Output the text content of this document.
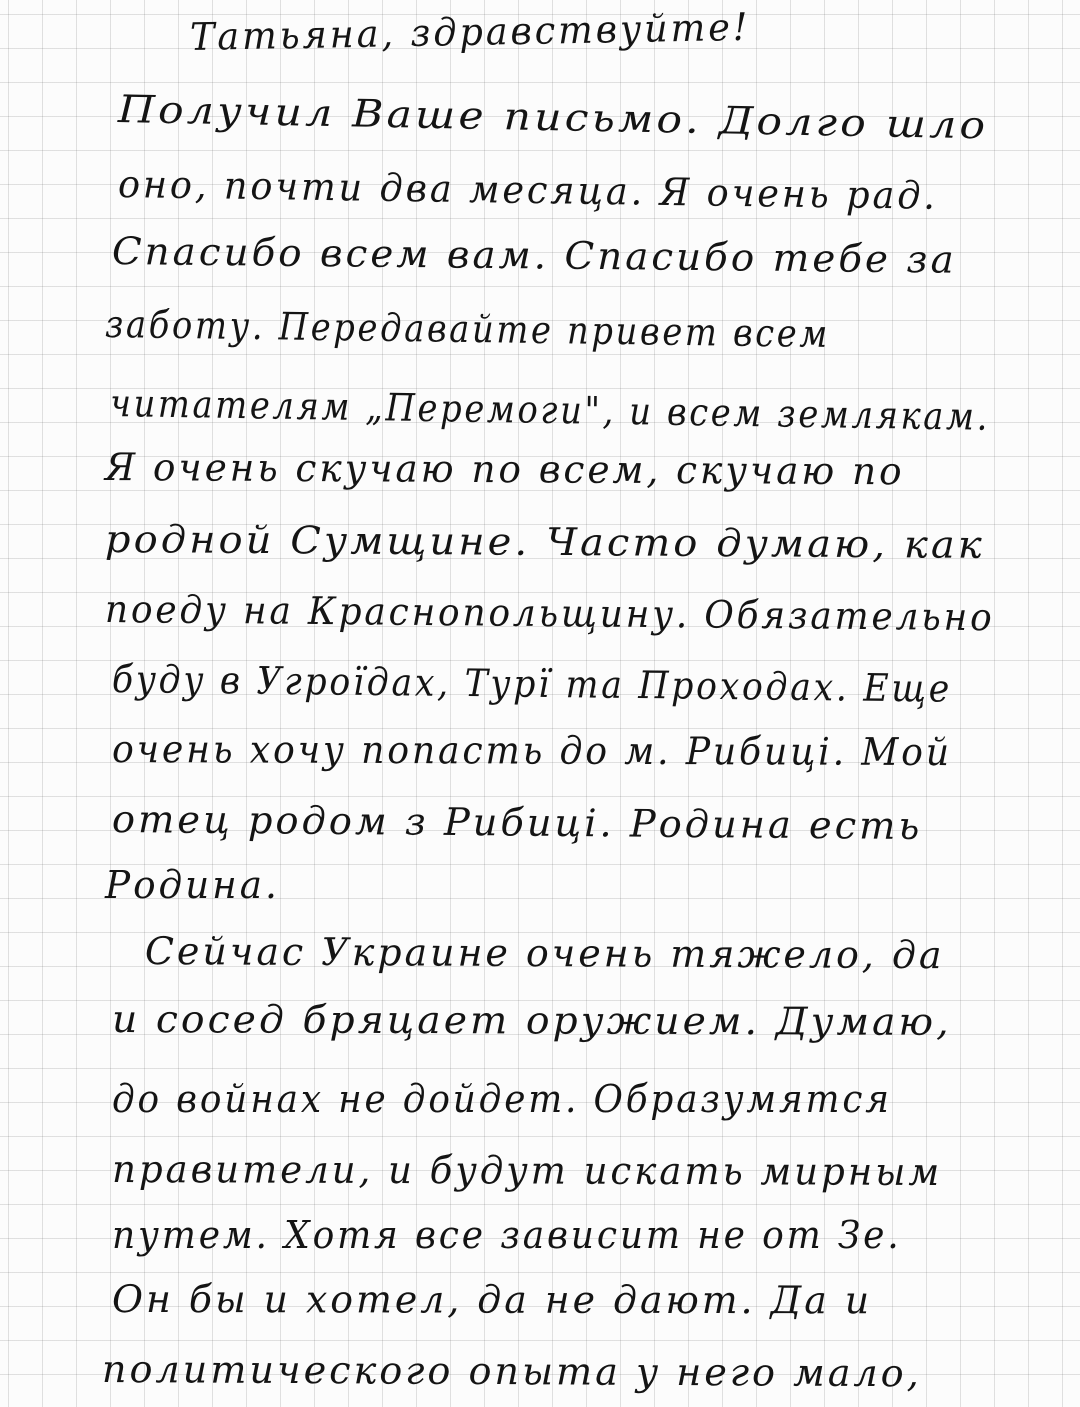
Татьяна, здравствуйте!
Получил Ваше письмо. Долго шло
оно, почти два месяца. Я очень рад.
Спасибо всем вам. Спасибо тебе за
заботу. Передавайте привет всем
читателям „Перемоги", и всем землякам.
Я очень скучаю по всем, скучаю по
родной Сумщине. Часто думаю, как
поеду на Краснопольщину. Обязательно
буду в Угроїдах, Турї та Проходах. Еще
очень хочу попасть до м. Рибиці. Мой
отец родом з Рибиці. Родина есть
Родина.
Сейчас Украине очень тяжело, да
и сосед бряцает оружием. Думаю,
до войнах не дойдет. Образумятся
правители, и будут искать мирным
путем. Хотя все зависит не от Зе.
Он бы и хотел, да не дают. Да и
политического опыта у него мало,
